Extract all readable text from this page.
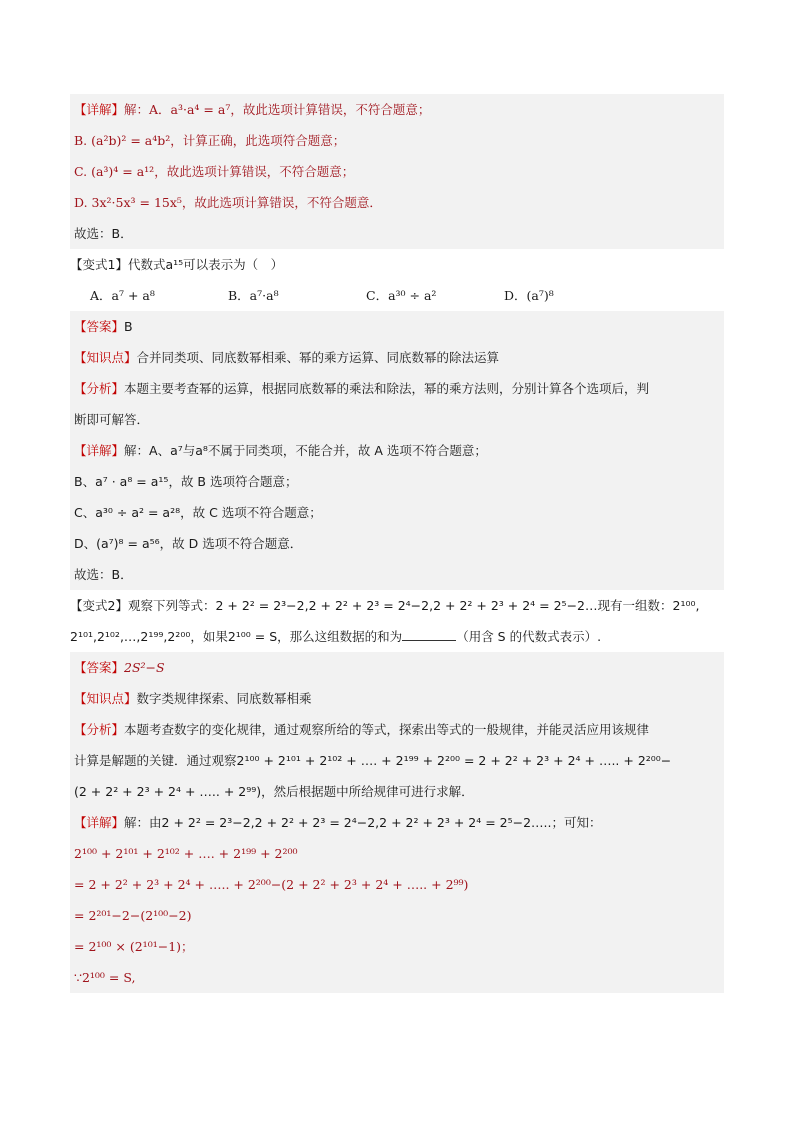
【详解】解：A．a³·a⁴ = a⁷，故此选项计算错误，不符合题意；
B. (a²b)² = a⁴b²，计算正确，此选项符合题意；
C. (a³)⁴ = a¹²，故此选项计算错误，不符合题意；
D. 3x²·5x³ = 15x⁵，故此选项计算错误，不符合题意．
故选：B．
【变式1】代数式a¹⁵可以表示为（　）
A．a⁷ + a⁸	B．a⁷·a⁸	C．a³⁰ ÷ a²	D．(a⁷)⁸
【答案】B
【知识点】合并同类项、同底数幂相乘、幂的乘方运算、同底数幂的除法运算
【分析】本题主要考查幂的运算，根据同底数幂的乘法和除法，幂的乘方法则，分别计算各个选项后，判
断即可解答．
【详解】解：A、a⁷与a⁸不属于同类项，不能合并，故 A 选项不符合题意；
B、a⁷ · a⁸ = a¹⁵，故 B 选项符合题意；
C、a³⁰ ÷ a² = a²⁸，故 C 选项不符合题意；
D、(a⁷)⁸ = a⁵⁶，故 D 选项不符合题意．
故选：B．
【变式2】观察下列等式：2 + 2² = 2³−2,2 + 2² + 2³ = 2⁴−2,2 + 2² + 2³ + 2⁴ = 2⁵−2…现有一组数：2¹⁰⁰,
2¹⁰¹,2¹⁰²,…,2¹⁹⁹,2²⁰⁰，如果2¹⁰⁰ = S，那么这组数据的和为	（用含 S 的代数式表示）.
【答案】2S²−S
【知识点】数字类规律探索、同底数幂相乘
【分析】本题考查数字的变化规律，通过观察所给的等式，探索出等式的一般规律，并能灵活应用该规律
计算是解题的关键．通过观察2¹⁰⁰ + 2¹⁰¹ + 2¹⁰² + …. + 2¹⁹⁹ + 2²⁰⁰ = 2 + 2² + 2³ + 2⁴ + ….. + 2²⁰⁰−
(2 + 2² + 2³ + 2⁴ + ….. + 2⁹⁹)，然后根据题中所给规律可进行求解．
【详解】解：由2 + 2² = 2³−2,2 + 2² + 2³ = 2⁴−2,2 + 2² + 2³ + 2⁴ = 2⁵−2…..；可知：
2¹⁰⁰ + 2¹⁰¹ + 2¹⁰² + …. + 2¹⁹⁹ + 2²⁰⁰
= 2 + 2² + 2³ + 2⁴ + ….. + 2²⁰⁰−(2 + 2² + 2³ + 2⁴ + ….. + 2⁹⁹)
= 2²⁰¹−2−(2¹⁰⁰−2)
= 2¹⁰⁰ × (2¹⁰¹−1)；
∵2¹⁰⁰ = S,
